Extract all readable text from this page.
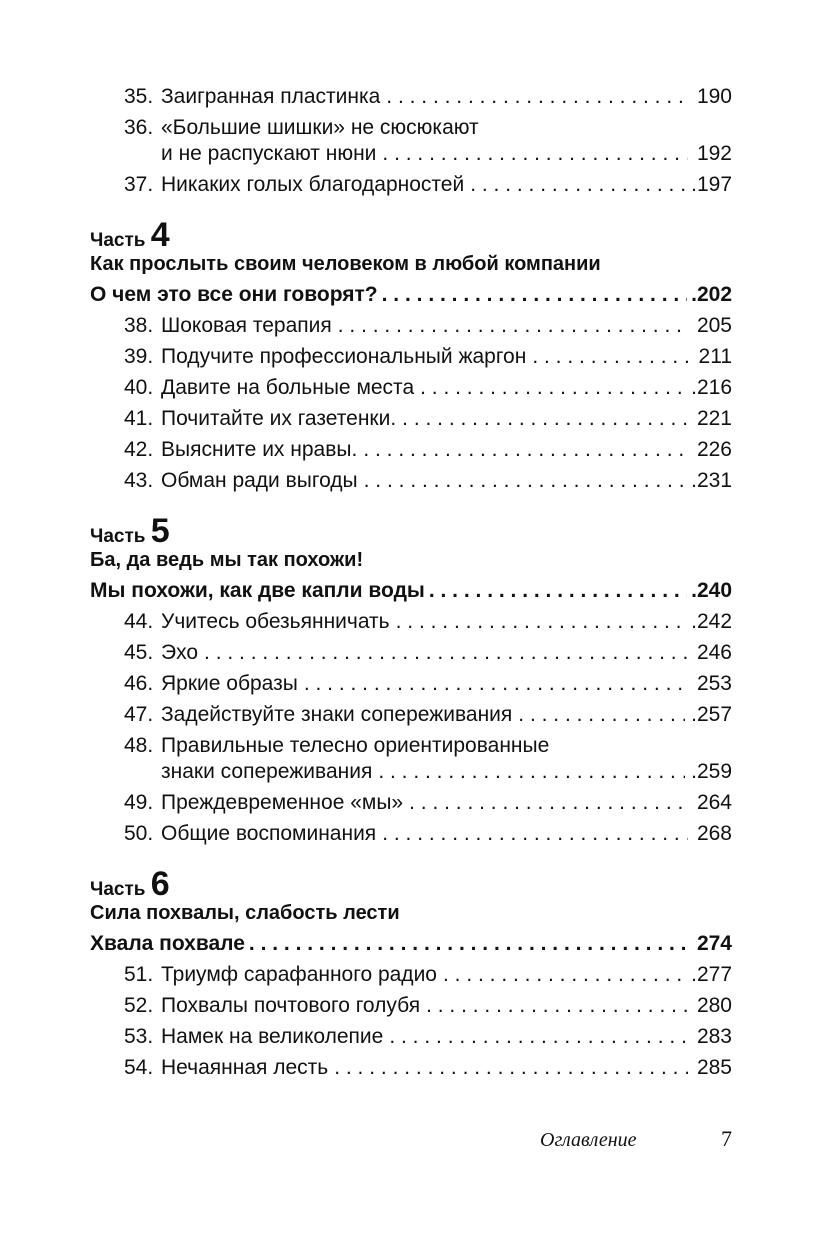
35. Заигранная пластинка . . .	190
36. «Большие шишки» не сюсюкают
и не распускают нюни . . .	192
37. Никаких голых благодарностей . . .	.197
Часть 4
Как прослыть своим человеком в любой компании
О чем это все они говорят? . . .	.202
38. Шоковая терапия . . .	205
39. Подучите профессиональный жаргон . . .	211
40. Давите на больные места . . .	.216
41. Почитайте их газетенки. . . .	221
42. Выясните их нравы. . . .	226
43. Обман ради выгоды . . .	.231
Часть 5
Ба, да ведь мы так похожи!
Мы похожи, как две капли воды . . .	.240
44. Учитесь обезьянничать . . .	.242
45. Эхо . . .	246
46. Яркие образы . . .	253
47. Задействуйте знаки сопереживания . . .	.257
48. Правильные телесно ориентированные
знаки сопереживания . . .	.259
49. Преждевременное «мы» . . .	264
50. Общие воспоминания . . .	268
Часть 6
Сила похвалы, слабость лести
Хвала похвале . . .	274
51. Триумф сарафанного радио . . .	.277
52. Похвалы почтового голубя . . .	280
53. Намек на великолепие . . .	283
54. Нечаянная лесть . . .	285
Оглавление	7
